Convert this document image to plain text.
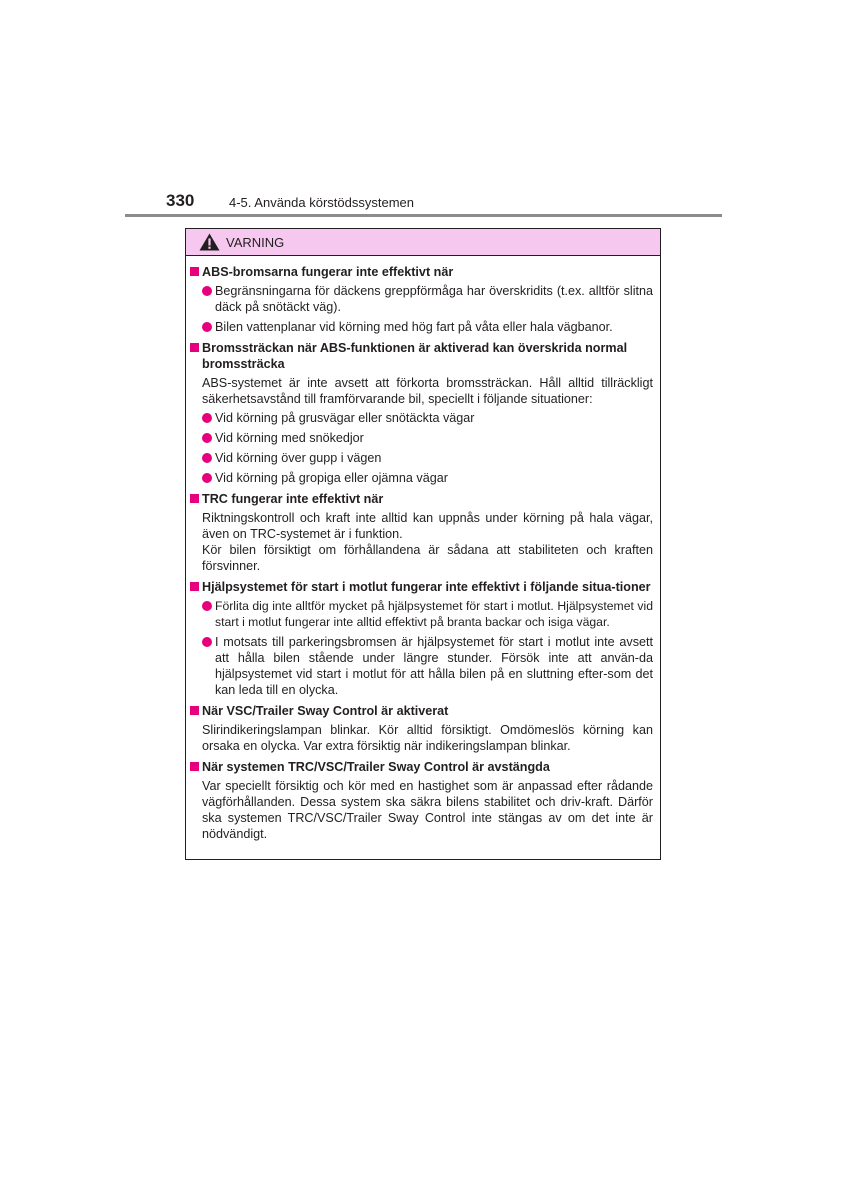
330	4-5. Använda körstödssystemen
VARNING
ABS-bromsarna fungerar inte effektivt när
Begränsningarna för däckens greppförmåga har överskridits (t.ex. alltför slitna däck på snötäckt väg).
Bilen vattenplanar vid körning med hög fart på våta eller hala vägbanor.
Bromssträckan när ABS-funktionen är aktiverad kan överskrida normal bromssträcka
ABS-systemet är inte avsett att förkorta bromssträckan. Håll alltid tillräckligt säkerhetsavstånd till framförvarande bil, speciellt i följande situationer:
Vid körning på grusvägar eller snötäckta vägar
Vid körning med snökedjor
Vid körning över gupp i vägen
Vid körning på gropiga eller ojämna vägar
TRC fungerar inte effektivt när
Riktningskontroll och kraft inte alltid kan uppnås under körning på hala vägar, även on TRC-systemet är i funktion.
Kör bilen försiktigt om förhållandena är sådana att stabiliteten och kraften försvinner.
Hjälpsystemet för start i motlut fungerar inte effektivt i följande situa-tioner
Förlita dig inte alltför mycket på hjälpsystemet för start i motlut. Hjälpsystemet vid start i motlut fungerar inte alltid effektivt på branta backar och isiga vägar.
I motsats till parkeringsbromsen är hjälpsystemet för start i motlut inte avsett att hålla bilen stående under längre stunder. Försök inte att använ-da hjälpsystemet vid start i motlut för att hålla bilen på en sluttning efter-som det kan leda till en olycka.
När VSC/Trailer Sway Control är aktiverat
Slirindikeringslampan blinkar. Kör alltid försiktigt. Omdömeslös körning kan orsaka en olycka. Var extra försiktig när indikeringslampan blinkar.
När systemen TRC/VSC/Trailer Sway Control är avstängda
Var speciellt försiktig och kör med en hastighet som är anpassad efter rådande vägförhållanden. Dessa system ska säkra bilens stabilitet och driv-kraft. Därför ska systemen TRC/VSC/Trailer Sway Control inte stängas av om det inte är nödvändigt.
